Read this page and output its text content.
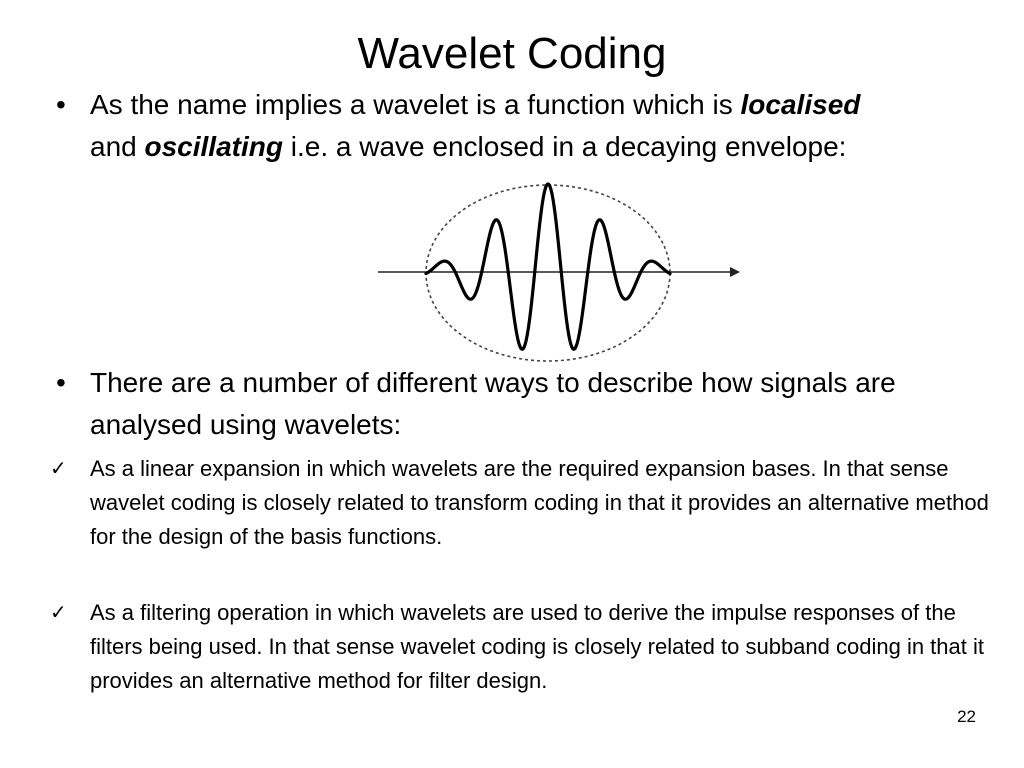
Wavelet Coding
• As the name implies a wavelet is a function which is localised and oscillating i.e. a wave enclosed in a decaying envelope:
• There are a number of different ways to describe how signals are analysed using wavelets:
✓ As a linear expansion in which wavelets are the required expansion bases. In that sense wavelet coding is closely related to transform coding in that it provides an alternative method for the design of the basis functions.
✓ As a filtering operation in which wavelets are used to derive the impulse responses of the filters being used. In that sense wavelet coding is closely related to subband coding in that it provides an alternative method for filter design.
22
